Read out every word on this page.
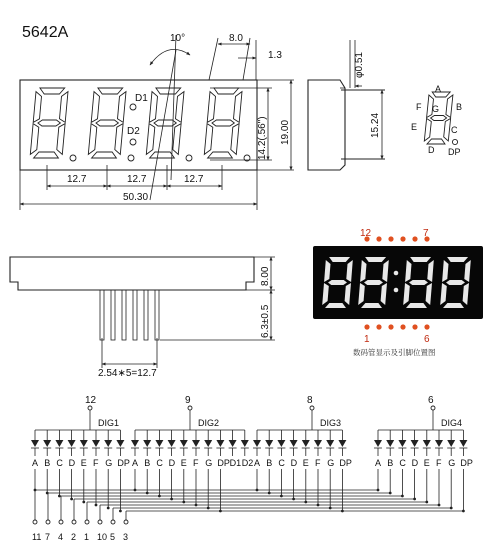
5642A
D1
D2
10°	8.0
1.3
14.2(.56") 19.00
12.7	12.7	12.7
50.30
φ0.51
15.24
A
B
F G
E	C
D DP
8.00
6.3±0.5
2.54∗5=12.7
12	7
1	6
数码管显示及引脚位置图
11 7 4 2 1 10 5 3
12
DIG1
A B C D E F G DP
9
DIG2
A B C D E F G DP D1 D2
8
DIG3
A B C D E F G DP
6
DIG4
A B C D E F G DP
